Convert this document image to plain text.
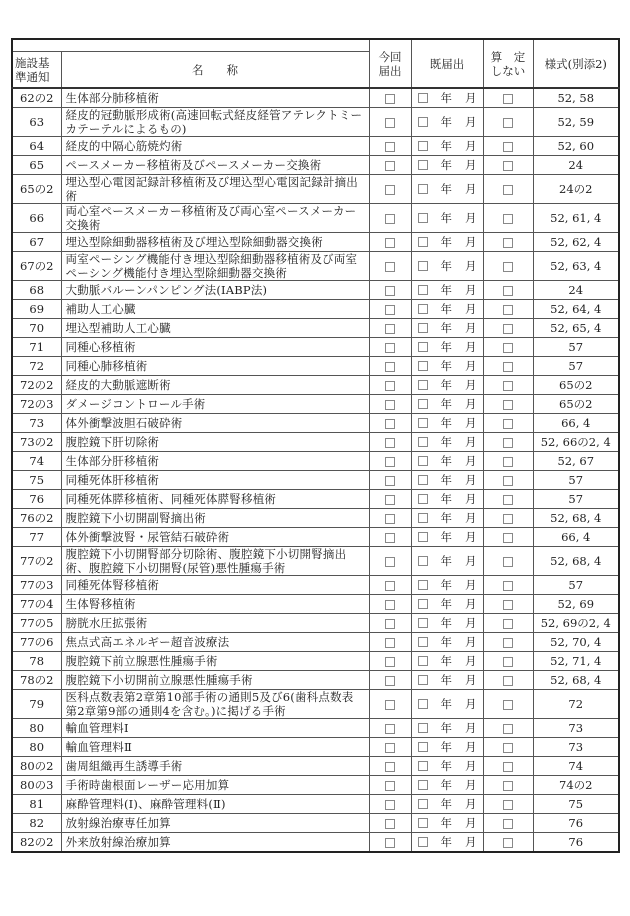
		今回届出	既届出	算　定しない	様式(別添2)
施設基準通知	名　　称				
62の2	生体部分肺移植術		年 月		52, 58
63	経皮的冠動脈形成術(高速回転式経皮経管アテレクトミーカテーテルによるもの)		年 月		52, 59
64	経皮的中隔心筋焼灼術		年 月		52, 60
65	ペースメーカー移植術及びペースメーカー交換術		年 月		24
65の2	埋込型心電図記録計移植術及び埋込型心電図記録計摘出術		年 月		24の2
66	両心室ペースメーカー移植術及び両心室ペースメーカー交換術		年 月		52, 61, 4
67	埋込型除細動器移植術及び埋込型除細動器交換術		年 月		52, 62, 4
67の2	両室ペーシング機能付き埋込型除細動器移植術及び両室ペーシング機能付き埋込型除細動器交換術		年 月		52, 63, 4
68	大動脈バルーンパンピング法(IABP法)		年 月		24
69	補助人工心臓		年 月		52, 64, 4
70	埋込型補助人工心臓		年 月		52, 65, 4
71	同種心移植術		年 月		57
72	同種心肺移植術		年 月		57
72の2	経皮的大動脈遮断術		年 月		65の2
72の3	ダメージコントロール手術		年 月		65の2
73	体外衝撃波胆石破砕術		年 月		66, 4
73の2	腹腔鏡下肝切除術		年 月		52, 66の2, 4
74	生体部分肝移植術		年 月		52, 67
75	同種死体肝移植術		年 月		57
76	同種死体膵移植術、同種死体膵腎移植術		年 月		57
76の2	腹腔鏡下小切開副腎摘出術		年 月		52, 68, 4
77	体外衝撃波腎・尿管結石破砕術		年 月		66, 4
77の2	腹腔鏡下小切開腎部分切除術、腹腔鏡下小切開腎摘出術、腹腔鏡下小切開腎(尿管)悪性腫瘍手術		年 月		52, 68, 4
77の3	同種死体腎移植術		年 月		57
77の4	生体腎移植術		年 月		52, 69
77の5	膀胱水圧拡張術		年 月		52, 69の2, 4
77の6	焦点式高エネルギー超音波療法		年 月		52, 70, 4
78	腹腔鏡下前立腺悪性腫瘍手術		年 月		52, 71, 4
78の2	腹腔鏡下小切開前立腺悪性腫瘍手術		年 月		52, 68, 4
79	医科点数表第2章第10部手術の通則5及び6(歯科点数表第2章第9部の通則4を含む。)に掲げる手術		年 月		72
80	輸血管理料Ⅰ		年 月		73
80	輸血管理料Ⅱ		年 月		73
80の2	歯周組織再生誘導手術		年 月		74
80の3	手術時歯根面レーザー応用加算		年 月		74の2
81	麻酔管理料(Ⅰ)、麻酔管理料(Ⅱ)		年 月		75
82	放射線治療専任加算		年 月		76
82の2	外来放射線治療加算		年 月		76
